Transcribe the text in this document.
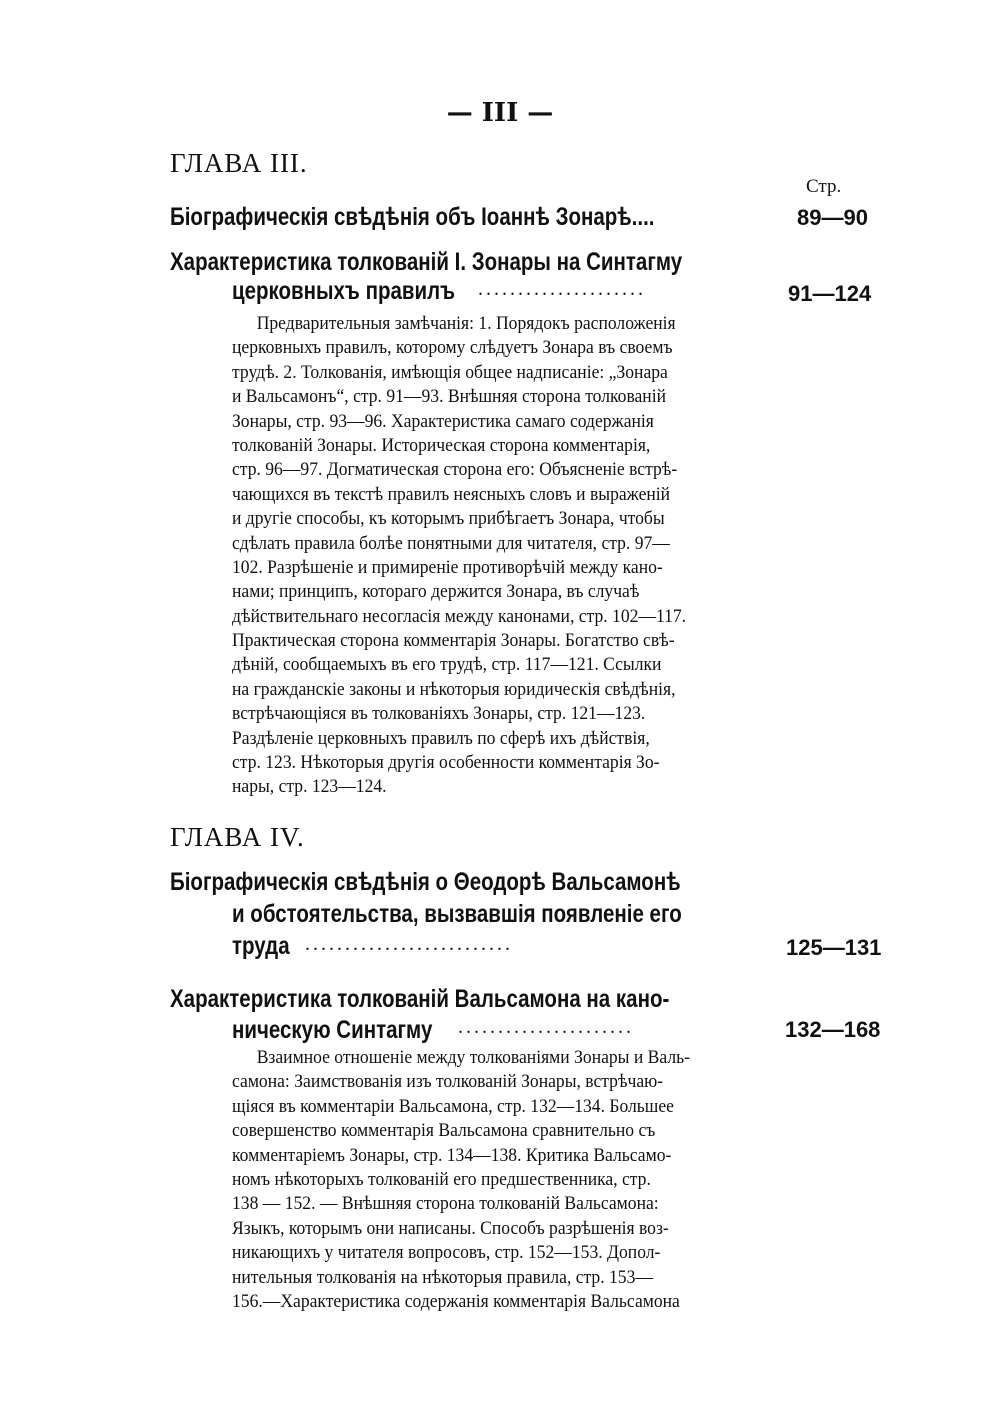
— III —
ГЛАВА III.
Стр.
Біографическія свѣдѣнія объ Іоаннѣ Зонарѣ....	89—90
Характеристика толкованій І. Зонары на Синтагму
церковныхъ правилъ .....................	91—124
Предварительныя замѣчанія: 1. Порядокъ расположенія
церковныхъ правилъ, которому слѣдуетъ Зонара въ своемъ
трудѣ. 2. Толкованія, имѣющія общее надписаніе: „Зонара
и Вальсамонъ“, стр. 91—93. Внѣшняя сторона толкованій
Зонары, стр. 93—96. Характеристика самаго содержанія
толкованій Зонары. Историческая сторона комментарія,
стр. 96—97. Догматическая сторона его: Объясненіе встрѣ-
чающихся въ текстѣ правилъ неясныхъ словъ и выраженій
и другіе способы, къ которымъ прибѣгаетъ Зонара, чтобы
сдѣлать правила болѣе понятными для читателя, стр. 97—
102. Разрѣшеніе и примиреніе противорѣчій между кано-
нами; принципъ, котораго держится Зонара, въ случаѣ
дѣйствительнаго несогласія между канонами, стр. 102—117.
Практическая сторона комментарія Зонары. Богатство свѣ-
дѣній, сообщаемыхъ въ его трудѣ, стр. 117—121. Ссылки
на гражданскіе законы и нѣкоторыя юридическія свѣдѣнія,
встрѣчающіяся въ толкованіяхъ Зонары, стр. 121—123.
Раздѣленіе церковныхъ правилъ по сферѣ ихъ дѣйствія,
стр. 123. Нѣкоторыя другія особенности комментарія Зо-
нары, стр. 123—124.
ГЛАВА IV.
Біографическія свѣдѣнія о Θеодорѣ Вальсамонѣ
и обстоятельства, вызвавшія появленіе его
труда ..........................	125—131
Характеристика толкованій Вальсамона на кано-
ническую Синтагму ......................	132—168
Взаимное отношеніе между толкованіями Зонары и Валь-
самона: Заимствованія изъ толкованій Зонары, встрѣчаю-
щіяся въ комментаріи Вальсамона, стр. 132—134. Большее
совершенство комментарія Вальсамона сравнительно съ
комментаріемъ Зонары, стр. 134—138. Критика Вальсамо-
номъ нѣкоторыхъ толкованій его предшественника, стр.
138 — 152. — Внѣшняя сторона толкованій Вальсамона:
Языкъ, которымъ они написаны. Способъ разрѣшенія воз-
никающихъ у читателя вопросовъ, стр. 152—153. Допол-
нительныя толкованія на нѣкоторыя правила, стр. 153—
156.—Характеристика содержанія комментарія Вальсамона
